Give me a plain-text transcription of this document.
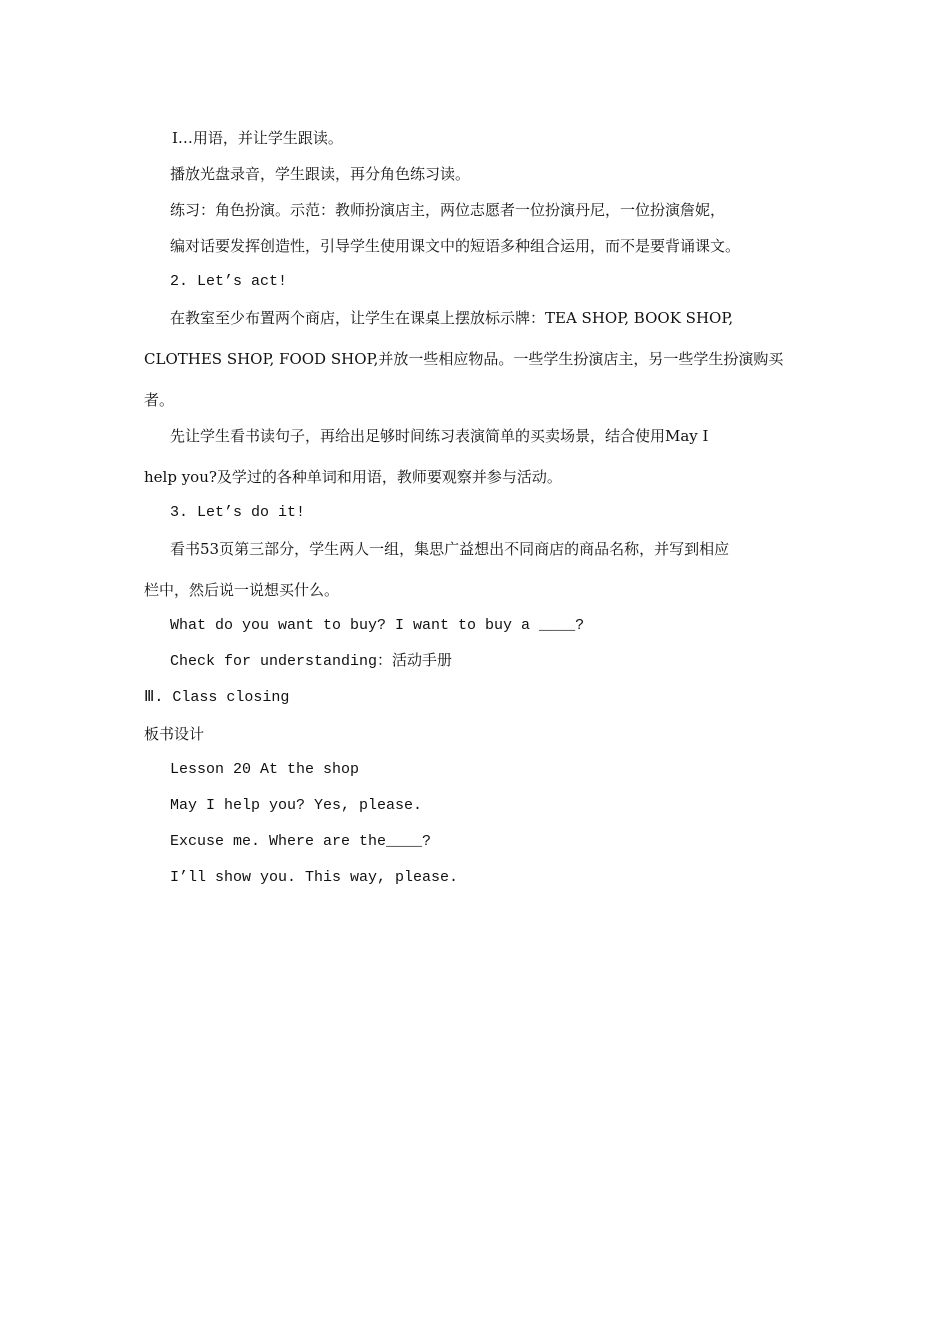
I…用语，并让学生跟读。
播放光盘录音，学生跟读，再分角色练习读。
练习：角色扮演。示范：教师扮演店主，两位志愿者一位扮演丹尼，一位扮演詹妮，
编对话要发挥创造性，引导学生使用课文中的短语多种组合运用，而不是要背诵课文。
2. Let’s act!
在教室至少布置两个商店，让学生在课桌上摆放标示牌：TEA SHOP, BOOK SHOP,
CLOTHES SHOP, FOOD SHOP,并放一些相应物品。一些学生扮演店主，另一些学生扮演购买
者。
先让学生看书读句子，再给出足够时间练习表演简单的买卖场景，结合使用May I
help you?及学过的各种单词和用语，教师要观察并参与活动。
3. Let’s do it!
看书53页第三部分，学生两人一组，集思广益想出不同商店的商品名称，并写到相应
栏中，然后说一说想买什么。
What do you want to buy? I want to buy a ____?
Check for understanding：活动手册
Ⅲ. Class closing
板书设计
Lesson 20 At the shop
May I help you? Yes, please.
Excuse me. Where are the____?
I’ll show you. This way, please.
